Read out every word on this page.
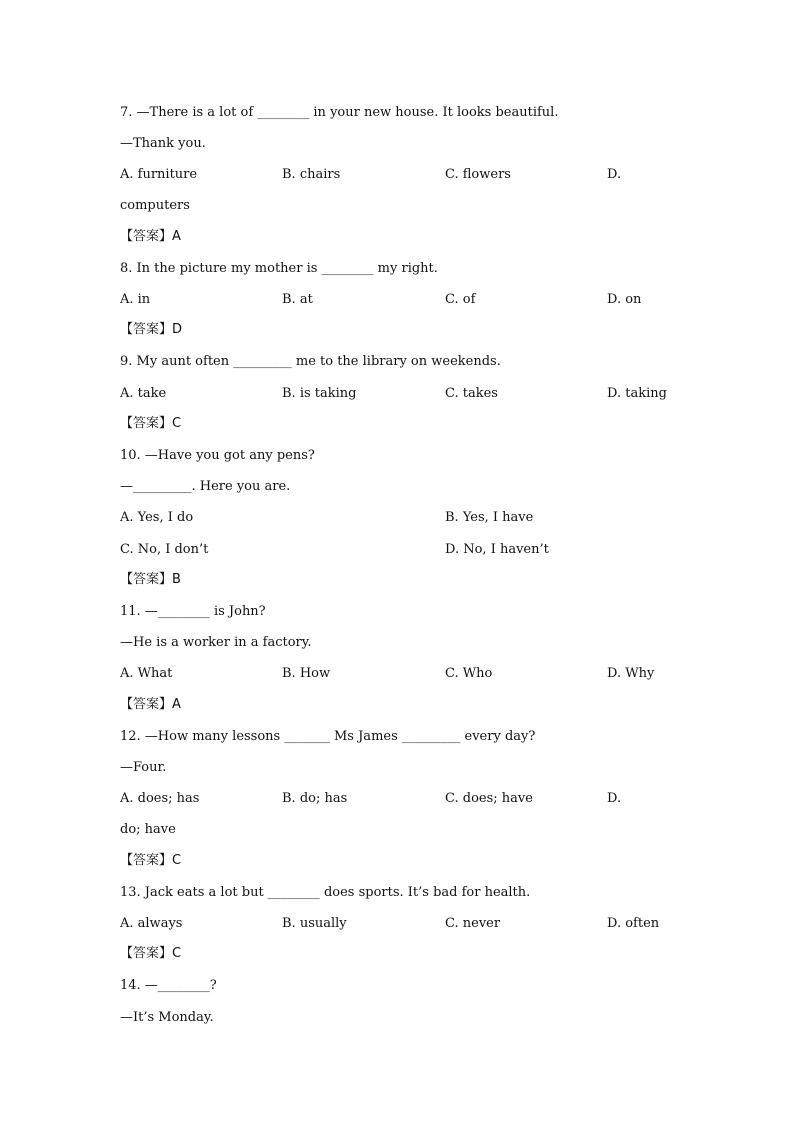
7. —There is a lot of ________ in your new house. It looks beautiful.
—Thank you.
A. furniture	B. chairs	C. flowers	D.
computers
【答案】A
8. In the picture my mother is ________ my right.
A. in	B. at	C. of	D. on
【答案】D
9. My aunt often _________ me to the library on weekends.
A. take	B. is taking	C. takes	D. taking
【答案】C
10. —Have you got any pens?
—_________. Here you are.
A. Yes, I do	B. Yes, I have
C. No, I don’t	D. No, I haven’t
【答案】B
11. —________ is John?
—He is a worker in a factory.
A. What	B. How	C. Who	D. Why
【答案】A
12. —How many lessons _______ Ms James _________ every day?
—Four.
A. does; has	B. do; has	C. does; have	D.
do; have
【答案】C
13. Jack eats a lot but ________ does sports. It’s bad for health.
A. always	B. usually	C. never	D. often
【答案】C
14. —________?
—It’s Monday.
